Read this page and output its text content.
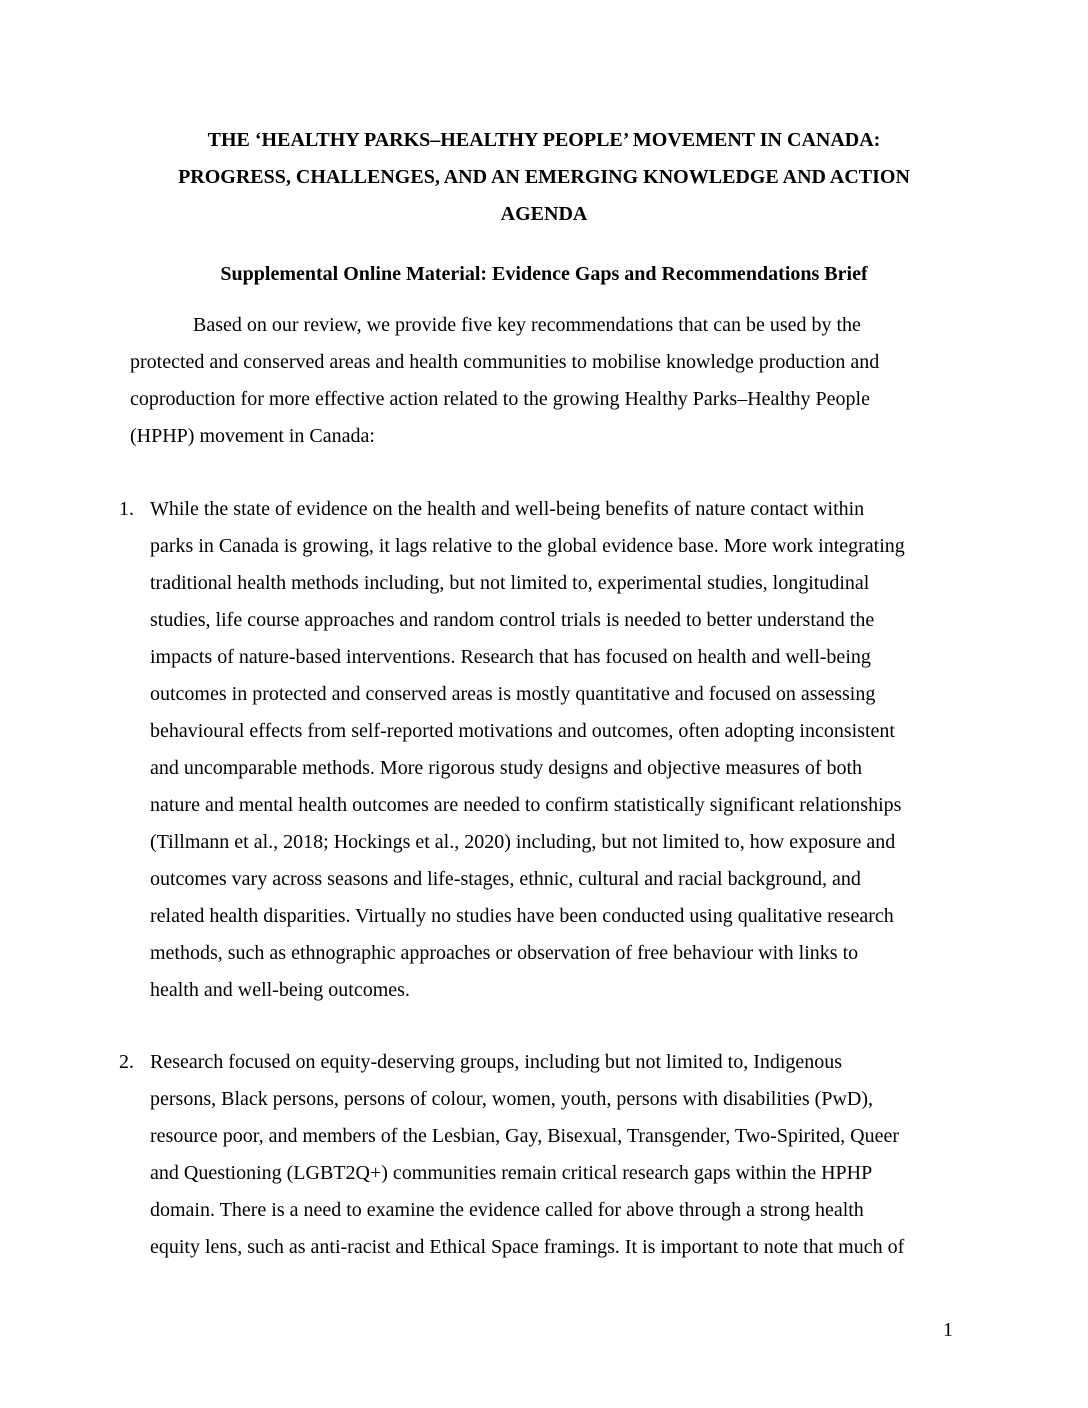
THE ‘HEALTHY PARKS–HEALTHY PEOPLE’ MOVEMENT IN CANADA:
PROGRESS, CHALLENGES, AND AN EMERGING KNOWLEDGE AND ACTION
AGENDA
Supplemental Online Material: Evidence Gaps and Recommendations Brief
Based on our review, we provide five key recommendations that can be used by the
protected and conserved areas and health communities to mobilise knowledge production and
coproduction for more effective action related to the growing Healthy Parks–Healthy People
(HPHP) movement in Canada:
1. While the state of evidence on the health and well-being benefits of nature contact within
parks in Canada is growing, it lags relative to the global evidence base. More work integrating
traditional health methods including, but not limited to, experimental studies, longitudinal
studies, life course approaches and random control trials is needed to better understand the
impacts of nature-based interventions. Research that has focused on health and well-being
outcomes in protected and conserved areas is mostly quantitative and focused on assessing
behavioural effects from self-reported motivations and outcomes, often adopting inconsistent
and uncomparable methods. More rigorous study designs and objective measures of both
nature and mental health outcomes are needed to confirm statistically significant relationships
(Tillmann et al., 2018; Hockings et al., 2020) including, but not limited to, how exposure and
outcomes vary across seasons and life-stages, ethnic, cultural and racial background, and
related health disparities. Virtually no studies have been conducted using qualitative research
methods, such as ethnographic approaches or observation of free behaviour with links to
health and well-being outcomes.
2. Research focused on equity-deserving groups, including but not limited to, Indigenous
persons, Black persons, persons of colour, women, youth, persons with disabilities (PwD),
resource poor, and members of the Lesbian, Gay, Bisexual, Transgender, Two-Spirited, Queer
and Questioning (LGBT2Q+) communities remain critical research gaps within the HPHP
domain. There is a need to examine the evidence called for above through a strong health
equity lens, such as anti-racist and Ethical Space framings. It is important to note that much of
1
